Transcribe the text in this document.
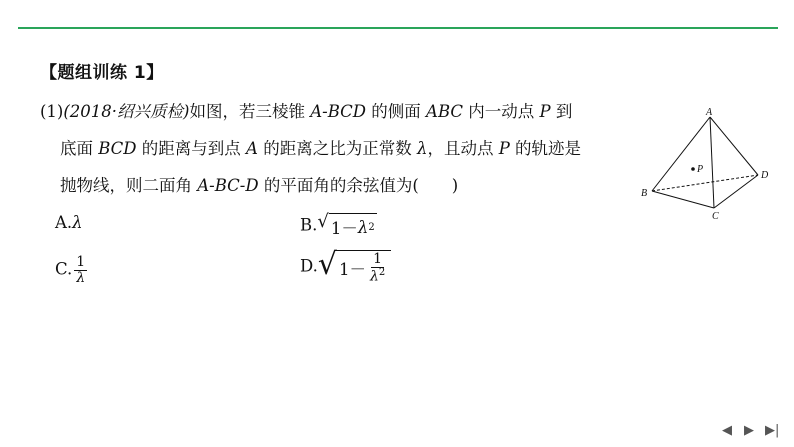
【题组训练 1】
(1)(2018·绍兴质检)如图，若三棱锥 A-BCD 的侧面 ABC 内一动点 P 到
底面 BCD 的距离与到点 A 的距离之比为正常数 λ，且动点 P 的轨迹是
抛物线，则二面角 A-BC-D 的平面角的余弦值为(　　)
A.λ	B. √ 1－ λ 2
C. $\frac{1}{\lambda}$	D. √ $1- \frac{1}{\lambda^2}$
A
B
C
D
P
◀ ▶ ▶|
